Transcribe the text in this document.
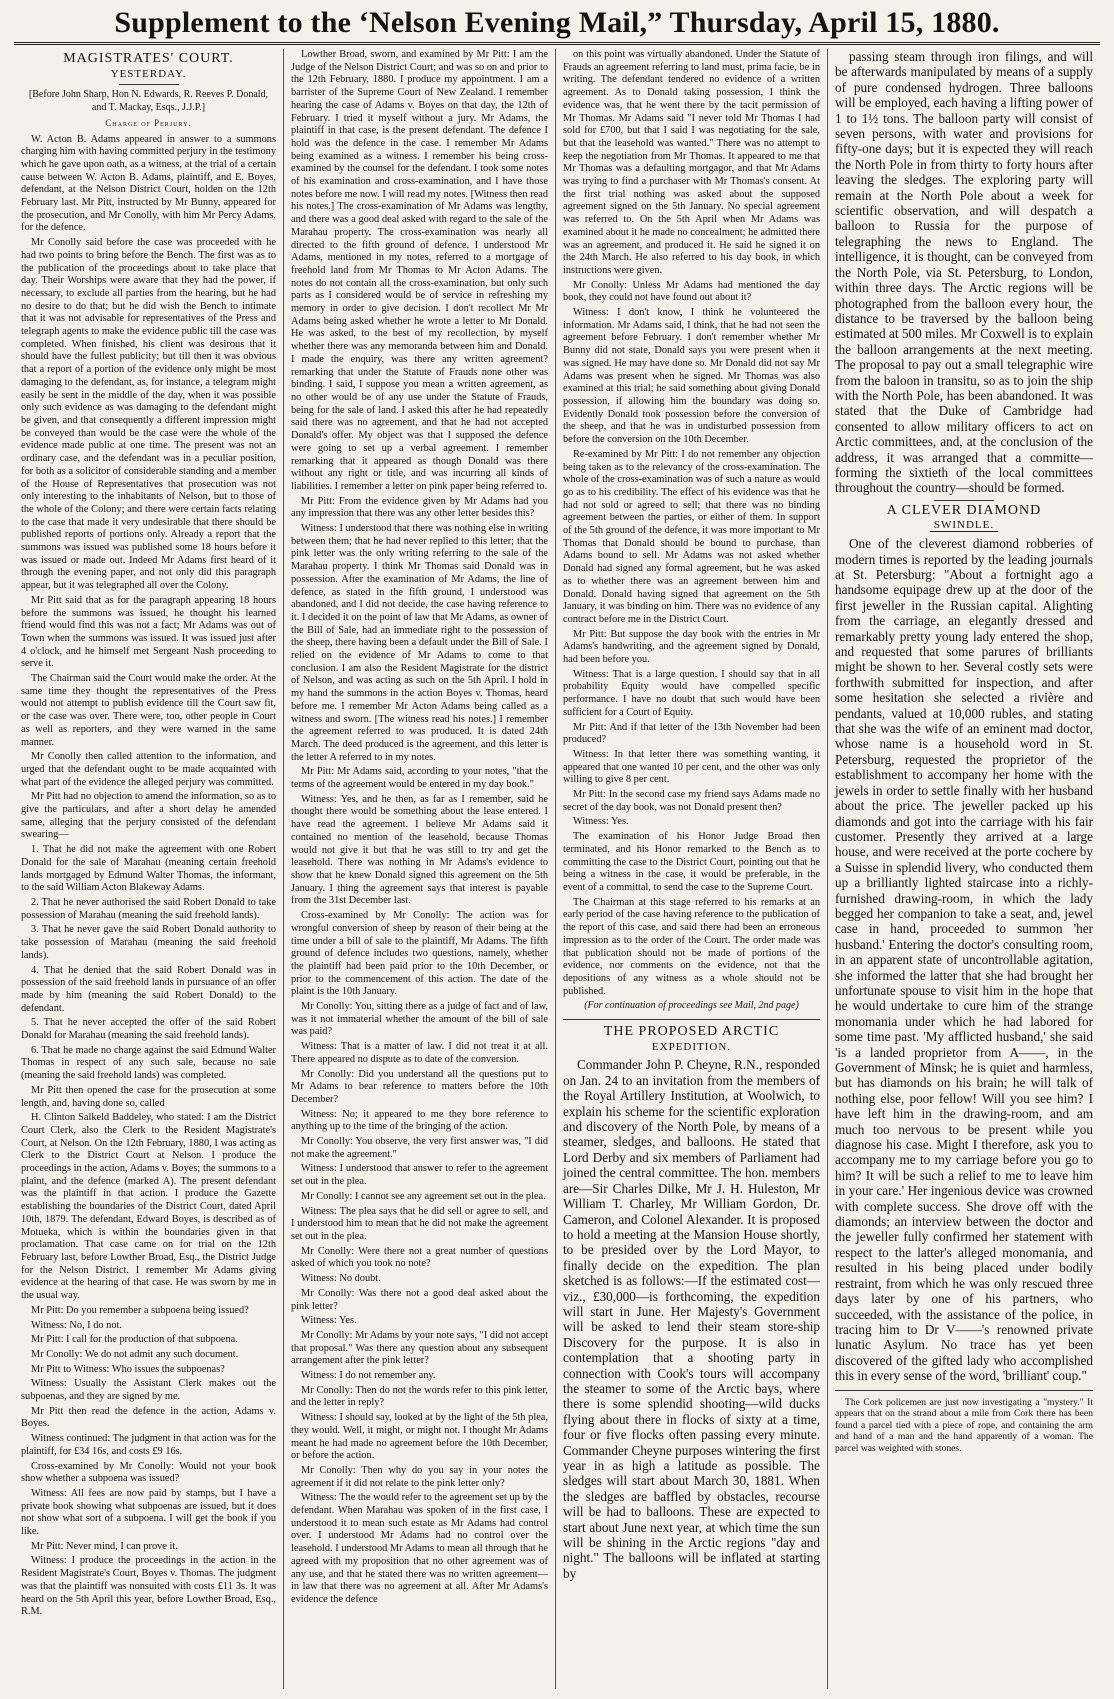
Supplement to the ‘Nelson Evening Mail,” Thursday, April 15, 1880.
MAGISTRATES' COURT.
YESTERDAY.
[Before John Sharp, Hon N. Edwards, R. Reeves P. Donald, and T. Mackay, Esqs., J.J.P.]
Charge of Perjury.

W. Acton B. Adams appeared in answer to a summons charging him with having committed perjury in the testimony which he gave upon oath, as a witness, at the trial of a certain cause between W. Acton B. Adams, plaintiff, and E. Boyes, defendant, at the Nelson District Court, holden on the 12th February last. Mr Pitt, instructed by Mr Bunny, appeared for the prosecution, and Mr Conolly, with him Mr Percy Adams, for the defence.

Mr Conolly said before the case was proceeded with he had two points to bring before the Bench. The first was as to the publication of the proceedings about to take place that day. Their Worships were aware that they had the power, if necessary, to exclude all parties from the hearing, but he had no desire to do that; but he did wish the Bench to intimate that it was not advisable for representatives of the Press and telegraph agents to make the evidence public till the case was completed. When finished, his client was desirous that it should have the fullest publicity; but till then it was obvious that a report of a portion of the evidence only might be most damaging to the defendant, as, for instance, a telegram might easily be sent in the middle of the day, when it was possible only such evidence as was damaging to the defendant might be given, and that consequently a different impression might be conveyed than would be the case were the whole of the evidence made public at one time. The present was not an ordinary case, and the defendant was in a peculiar position, for both as a solicitor of considerable standing and a member of the House of Representatives that prosecution was not only interesting to the inhabitants of Nelson, but to those of the whole of the Colony; and there were certain facts relating to the case that made it very undesirable that there should be published reports of portions only. Already a report that the summons was issued was published some 18 hours before it was issued or made out. Indeed Mr Adams first heard of it through the evening paper, and not only did this paragraph appear, but it was telegraphed all over the Colony.

Mr Pitt said that as for the paragraph appearing 18 hours before the summons was issued, he thought his learned friend would find this was not a fact; Mr Adams was out of Town when the summons was issued. It was issued just after 4 o'clock, and he himself met Sergeant Nash proceeding to serve it.

The Chairman said the Court would make the order. At the same time they thought the representatives of the Press would not attempt to publish evidence till the Court saw fit, or the case was over. There were, too, other people in Court as well as reporters, and they were warned in the same manner.

Mr Conolly then called attention to the information, and urged that the defendant ought to be made acquainted with what part of the evidence the alleged perjury was committed.

Mr Pitt had no objection to amend the information, so as to give the particulars, and after a short delay he amended same, alleging that the perjury consisted of the defendant swearing—

1. That he did not make the agreement with one Robert Donald for the sale of Marahau (meaning certain freehold lands mortgaged by Edmund Walter Thomas, the informant, to the said William Acton Blakeway Adams.

2. That he never authorised the said Robert Donald to take possession of Marahau (meaning the said freehold lands).

3. That he never gave the said Robert Donald authority to take possession of Marahau (meaning the said freehold lands).

4. That he denied that the said Robert Donald was in possession of the said freehold lands in pursuance of an offer made by him (meaning the said Robert Donald) to the defendant.

5. That he never accepted the offer of the said Robert Donald for Marahau (meaning the said freehold lands).

6. That he made no charge against the said Edmund Walter Thomas in respect of any such sale, because no sale (meaning the said freehold lands) was completed.

Mr Pitt then opened the case for the prosecution at some length, and, having done so, called

H. Clinton Salkeld Baddeley, who stated: I am the District Court Clerk, also the Clerk to the Resident Magistrate's Court, at Nelson. On the 12th February, 1880, I was acting as Clerk to the District Court at Nelson. I produce the proceedings in the action, Adams v. Boyes; the summons to a plaint, and the defence (marked A). The present defendant was the plaintiff in that action. I produce the Gazette establishing the boundaries of the District Court, dated April 10th, 1879. The defendant, Edward Boyes, is described as of Motueka, which is within the boundaries given in that proclamation. That case came on for trial on the 12th February last, before Lowther Broad, Esq., the District Judge for the Nelson District. I remember Mr Adams giving evidence at the hearing of that case. He was sworn by me in the usual way.

Mr Pitt: Do you remember a subpoena being issued?

Witness: No, I do not.

Mr Pitt: I call for the production of that subpoena.

Mr Conolly: We do not admit any such document.

Mr Pitt to Witness: Who issues the subpoenas?

Witness: Usually the Assistant Clerk makes out the subpoenas, and they are signed by me.

Mr Pitt then read the defence in the action, Adams v. Boyes.

Witness continued: The judgment in that action was for the plaintiff, for £34 16s, and costs £9 16s.

Cross-examined by Mr Conolly: Would not your book show whether a subpoena was issued?

Witness: All fees are now paid by stamps, but I have a private book showing what subpoenas are issued, but it does not show what sort of a subpoena. I will get the book if you like.

Mr Pitt: Never mind, I can prove it.

Witness: I produce the proceedings in the action in the Resident Magistrate's Court, Boyes v. Thomas. The judgment was that the plaintiff was nonsuited with costs £11 3s. It was heard on the 5th April this year, before Lowther Broad, Esq., R.M.

Lowther Broad, sworn, and examined by Mr Pitt: I am the Judge of the Nelson District Court; and was so on and prior to the 12th February, 1880. I produce my appointment. I am a barrister of the Supreme Court of New Zealand. I remember hearing the case of Adams v. Boyes on that day, the 12th of February. I tried it myself without a jury. Mr Adams, the plaintiff in that case, is the present defendant. The defence I hold was the defence in the case. I remember Mr Adams being examined as a witness. I remember his being cross-examined by the counsel for the defendant. I took some notes of his examination and cross-examination, and I have those notes before me now. I will read my notes. [Witness then read his notes.] The cross-examination of Mr Adams was lengthy, and there was a good deal asked with regard to the sale of the Marahau property. The cross-examination was nearly all directed to the fifth ground of defence. I understood Mr Adams, mentioned in my notes, referred to a mortgage of freehold land from Mr Thomas to Mr Acton Adams. The notes do not contain all the cross-examination, but only such parts as I considered would be of service in refreshing my memory in order to give decision. I don't recollect Mr Mr Adams being asked whether he wrote a letter to Mr Donald. He was asked, to the best of my recollection, by myself whether there was any memoranda between him and Donald. I made the enquiry, was there any written agreement? remarking that under the Statute of Frauds none other was binding. I said, I suppose you mean a written agreement, as no other would be of any use under the Statute of Frauds, being for the sale of land. I asked this after he had repeatedly said there was no agreement, and that he had not accepted Donald's offer. My object was that I supposed the defence were going to set up a verbal agreement. I remember remarking that it appeared as though Donald was there without any right or title, and was incurring all kinds of liabilities. I remember a letter on pink paper being referred to.

Mr Pitt: From the evidence given by Mr Adams had you any impression that there was any other letter besides this?

Witness: I understood that there was nothing else in writing between them; that he had never replied to this letter; that the pink letter was the only writing referring to the sale of the Marahau property. I think Mr Thomas said Donald was in possession. After the examination of Mr Adams, the line of defence, as stated in the fifth ground, I understood was abandoned, and I did not decide, the case having reference to it. I decided it on the point of law that Mr Adams, as owner of the Bill of Sale, had an immediate right to the possession of the sheep, there having been a default under the Bill of Sale. I relied on the evidence of Mr Adams to come to that conclusion. I am also the Resident Magistrate for the district of Nelson, and was acting as such on the 5th April. I hold in my hand the summons in the action Boyes v. Thomas, heard before me. I remember Mr Acton Adams being called as a witness and sworn. [The witness read his notes.] I remember the agreement referred to was produced. It is dated 24th March. The deed produced is the agreement, and this letter is the letter A referred to in my notes.

Mr Pitt: Mr Adams said, according to your notes, "that the terms of the agreement would be entered in my day book."

Witness: Yes, and he then, as far as I remember, said he thought there would be something about the lease entered. I have read the agreement. I believe Mr Adams said it contained no mention of the leasehold, because Thomas would not give it but that he was still to try and get the leasehold. There was nothing in Mr Adams's evidence to show that he knew Donald signed this agreement on the 5th January. I thing the agreement says that interest is payable from the 31st December last.

Cross-examined by Mr Conolly: The action was for wrongful conversion of sheep by reason of their being at the time under a bill of sale to the plaintiff, Mr Adams. The fifth ground of defence includes two questions, namely, whether the plaintiff had been paid prior to the 10th December, or prior to the commencement of this action. The date of the plaint is the 10th January.

Mr Conolly: You, sitting there as a judge of fact and of law, was it not immaterial whether the amount of the bill of sale was paid?

Witness: That is a matter of law. I did not treat it at all. There appeared no dispute as to date of the conversion.

Mr Conolly: Did you understand all the questions put to Mr Adams to bear reference to matters before the 10th December?

Witness: No; it appeared to me they bore reference to anything up to the time of the bringing of the action.

Mr Conolly: You observe, the very first answer was, "I did not make the agreement."

Witness: I understood that answer to refer to the agreement set out in the plea.

Mr Conolly: I cannot see any agreement set out in the plea.

Witness: The plea says that he did sell or agree to sell, and I understood him to mean that he did not make the agreement set out in the plea.

Mr Conolly: Were there not a great number of questions asked of which you took no note?

Witness: No doubt.

Mr Conolly: Was there not a good deal asked about the pink letter?

Witness: Yes.

Mr Conolly: Mr Adams by your note says, "I did not accept that proposal." Was there any question about any subsequent arrangement after the pink letter?

Witness: I do not remember any.

Mr Conolly: Then do not the words refer to this pink letter, and the letter in reply?

Witness: I should say, looked at by the light of the 5th plea, they would. Well, it might, or might not. I thought Mr Adams meant he had made no agreement before the 10th December, or before the action.

Mr Conolly: Then why do you say in your notes the agreement if it did not relate to the pink letter only?

Witness: The the would refer to the agreement set up by the defendant. When Marahau was spoken of in the first case, I understood it to mean such estate as Mr Adams had control over. I understood Mr Adams had no control over the leasehold. I understood Mr Adams to mean all through that he agreed with my proposition that no other agreement was of any use, and that he stated there was no written agreement—in law that there was no agreement at all. After Mr Adams's evidence the defence

on this point was virtually abandoned. Under the Statute of Frauds an agreement referring to land must, prima facie, be in writing. The defendant tendered no evidence of a written agreement. As to Donald taking possession, I think the evidence was, that he went there by the tacit permission of Mr Thomas. Mr Adams said "I never told Mr Thomas I had sold for £700, but that I said I was negotiating for the sale, but that the leasehold was wanted." There was no attempt to keep the negotiation from Mr Thomas. It appeared to me that Mr Thomas was a defaulting mortgagor, and that Mr Adams was trying to find a purchaser with Mr Thomas's consent. At the first trial nothing was asked about the supposed agreement signed on the 5th January. No special agreement was referred to. On the 5th April when Mr Adams was examined about it he made no concealment; he admitted there was an agreement, and produced it. He said he signed it on the 24th March. He also referred to his day book, in which instructions were given.

Mr Conolly: Unless Mr Adams had mentioned the day book, they could not have found out about it?

Witness: I don't know, I think he volunteered the information. Mr Adams said, I think, that he had not seen the agreement before February. I don't remember whether Mr Bunny did not state, Donald says you were present when it was signed. He may have done so. Mr Donald did not say Mr Adams was present when he signed. Mr Thomas was also examined at this trial; he said something about giving Donald possession, if allowing him the boundary was doing so. Evidently Donald took possession before the conversion of the sheep, and that he was in undisturbed possession from before the conversion on the 10th December.

Re-examined by Mr Pitt: I do not remember any objection being taken as to the relevancy of the cross-examination. The whole of the cross-examination was of such a nature as would go as to his credibility. The effect of his evidence was that he had not sold or agreed to sell; that there was no binding agreement between the parties, or either of them. In support of the 5th ground of the defence, it was more important to Mr Thomas that Donald should be bound to purchase, than Adams bound to sell. Mr Adams was not asked whether Donald had signed any formal agreement, but he was asked as to whether there was an agreement between him and Donald. Donald having signed that agreement on the 5th January, it was binding on him. There was no evidence of any contract before me in the District Court.

Mr Pitt: But suppose the day book with the entries in Mr Adams's handwriting, and the agreement signed by Donald, had been before you.

Witness: That is a large question. I should say that in all probability Equity would have compelled specific performance. I have no doubt that such would have been sufficient for a Court of Equity.

Mr Pitt: And if that letter of the 13th November had been produced?

Witness: In that letter there was something wanting, it appeared that one wanted 10 per cent, and the other was only willing to give 8 per cent.

Mr Pitt: In the second case my friend says Adams made no secret of the day book, was not Donald present then?

Witness: Yes.

The examination of his Honor Judge Broad then terminated, and his Honor remarked to the Bench as to committing the case to the District Court, pointing out that he being a witness in the case, it would be preferable, in the event of a committal, to send the case to the Supreme Court.

The Chairman at this stage referred to his remarks at an early period of the case having reference to the publication of the report of this case, and said there had been an erroneous impression as to the order of the Court. The order made was that publication should not be made of portions of the evidence, nor comments on the evidence, not that the depositions of any witness as a whole should not be published.

(For continuation of proceedings see Mail, 2nd page)
THE PROPOSED ARCTIC
EXPEDITION.

Commander John P. Cheyne, R.N., responded on Jan. 24 to an invitation from the members of the Royal Artillery Institution, at Woolwich, to explain his scheme for the scientific exploration and discovery of the North Pole, by means of a steamer, sledges, and balloons. He stated that Lord Derby and six members of Parliament had joined the central committee. The hon. members are—Sir Charles Dilke, Mr J. H. Huleston, Mr William T. Charley, Mr William Gordon, Dr. Cameron, and Colonel Alexander. It is proposed to hold a meeting at the Mansion House shortly, to be presided over by the Lord Mayor, to finally decide on the expedition. The plan sketched is as follows:—If the estimated cost—viz., £30,000—is forthcoming, the expedition will start in June. Her Majesty's Government will be asked to lend their steam store-ship Discovery for the purpose. It is also in contemplation that a shooting party in connection with Cook's tours will accompany the steamer to some of the Arctic bays, where there is some splendid shooting—wild ducks flying about there in flocks of sixty at a time, four or five flocks often passing every minute. Commander Cheyne purposes wintering the first year in as high a latitude as possible. The sledges will start about March 30, 1881. When the sledges are baffled by obstacles, recourse will be had to balloons. These are expected to start about June next year, at which time the sun will be shining in the Arctic regions "day and night." The balloons will be inflated at starting by

passing steam through iron filings, and will be afterwards manipulated by means of a supply of pure condensed hydrogen. Three balloons will be employed, each having a lifting power of 1 to 1½ tons. The balloon party will consist of seven persons, with water and provisions for fifty-one days; but it is expected they will reach the North Pole in from thirty to forty hours after leaving the sledges. The exploring party will remain at the North Pole about a week for scientific observation, and will despatch a balloon to Russia for the purpose of telegraphing the news to England. The intelligence, it is thought, can be conveyed from the North Pole, via St. Petersburg, to London, within three days. The Arctic regions will be photographed from the balloon every hour, the distance to be traversed by the balloon being estimated at 500 miles. Mr Coxwell is to explain the balloon arrangements at the next meeting. The proposal to pay out a small telegraphic wire from the baloon in transitu, so as to join the ship with the North Pole, has been abandoned. It was stated that the Duke of Cambridge had consented to allow military officers to act on Arctic committees, and, at the conclusion of the address, it was arranged that a committe—forming the sixtieth of the local committees throughout the country—should be formed.

A CLEVER DIAMOND
SWINDLE.

One of the cleverest diamond robberies of modern times is reported by the leading journals at St. Petersburg: "About a fortnight ago a handsome equipage drew up at the door of the first jeweller in the Russian capital. Alighting from the carriage, an elegantly dressed and remarkably pretty young lady entered the shop, and requested that some parures of brilliants might be shown to her. Several costly sets were forthwith submitted for inspection, and after some hesitation she selected a rivière and pendants, valued at 10,000 rubles, and stating that she was the wife of an eminent mad doctor, whose name is a household word in St. Petersburg, requested the proprietor of the establishment to accompany her home with the jewels in order to settle finally with her husband about the price. The jeweller packed up his diamonds and got into the carriage with his fair customer. Presently they arrived at a large house, and were received at the porte cochere by a Suisse in splendid livery, who conducted them up a brilliantly lighted staircase into a richly-furnished drawing-room, in which the lady begged her companion to take a seat, and, jewel case in hand, proceeded to summon 'her husband.' Entering the doctor's consulting room, in an apparent state of uncontrollable agitation, she informed the latter that she had brought her unfortunate spouse to visit him in the hope that he would undertake to cure him of the strange monomania under which he had labored for some time past. 'My afflicted husband,' she said 'is a landed proprietor from A——, in the Government of Minsk; he is quiet and harmless, but has diamonds on his brain; he will talk of nothing else, poor fellow! Will you see him? I have left him in the drawing-room, and am much too nervous to be present while you diagnose his case. Might I therefore, ask you to accompany me to my carriage before you go to him? It will be such a relief to me to leave him in your care.' Her ingenious device was crowned with complete success. She drove off with the diamonds; an interview between the doctor and the jeweller fully confirmed her statement with respect to the latter's alleged monomania, and resulted in his being placed under bodily restraint, from which he was only rescued three days later by one of his partners, who succeeded, with the assistance of the police, in tracing him to Dr V——'s renowned private lunatic Asylum. No trace has yet been discovered of the gifted lady who accomplished this in every sense of the word, 'brilliant' coup."

The Cork policemen are just now investigating a "mystery." It appears that on the strand about a mile from Cork there has been found a parcel tied with a piece of rope, and containing the arm and hand of a man and the hand apparently of a woman. The parcel was weighted with stones.
